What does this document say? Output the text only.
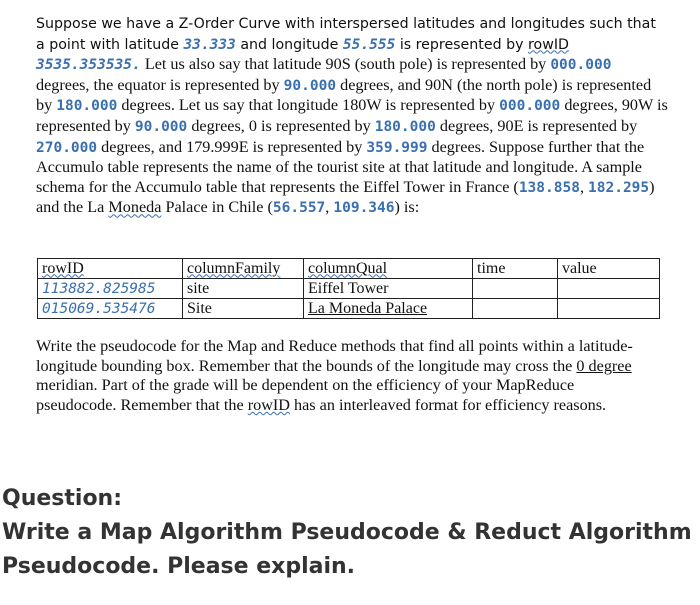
Suppose we have a Z-Order Curve with interspersed latitudes and longitudes such that a point with latitude 33.333 and longitude 55.555 is represented by rowID 3535.353535. Let us also say that latitude 90S (south pole) is represented by 000.000 degrees, the equator is represented by 90.000 degrees, and 90N (the north pole) is represented by 180.000 degrees. Let us say that longitude 180W is represented by 000.000 degrees, 90W is represented by 90.000 degrees, 0 is represented by 180.000 degrees, 90E is represented by 270.000 degrees, and 179.999E is represented by 359.999 degrees. Suppose further that the Accumulo table represents the name of the tourist site at that latitude and longitude. A sample schema for the Accumulo table that represents the Eiffel Tower in France (138.858, 182.295) and the La Moneda Palace in Chile (56.557, 109.346) is:

rowID	columnFamily	columnQual	time	value
113882.825985	site	Eiffel Tower		
015069.535476	Site	La Moneda Palace		

Write the pseudocode for the Map and Reduce methods that find all points within a latitude-longitude bounding box. Remember that the bounds of the longitude may cross the 0 degree meridian. Part of the grade will be dependent on the efficiency of your MapReduce pseudocode. Remember that the rowID has an interleaved format for efficiency reasons.

Question:
Write a Map Algorithm Pseudocode & Reduct Algorithm Pseudocode. Please explain.
